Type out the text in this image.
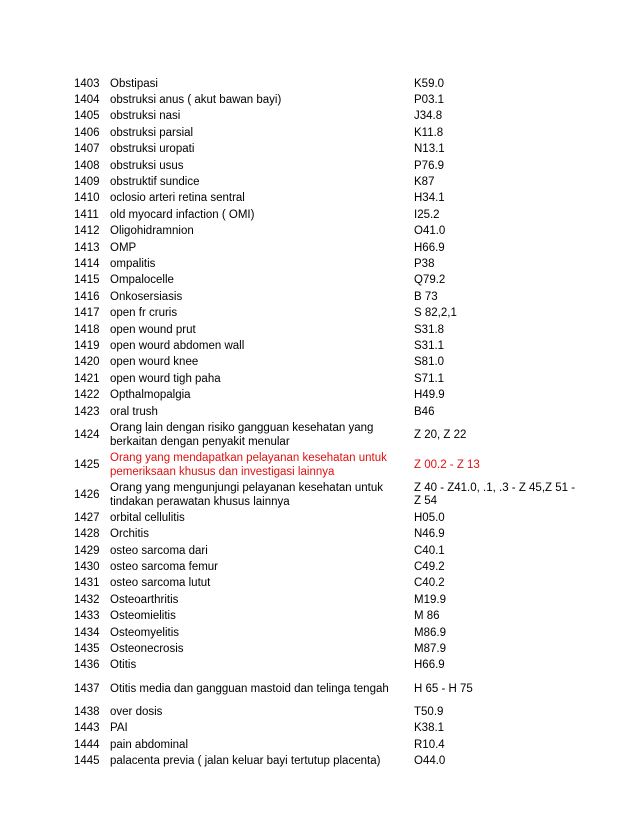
1403	Obstipasi	K59.0
1404	obstruksi anus ( akut bawan bayi)	P03.1
1405	obstruksi nasi	J34.8
1406	obstruksi parsial	K11.8
1407	obstruksi uropati	N13.1
1408	obstruksi usus	P76.9
1409	obstruktif sundice	K87
1410	oclosio arteri retina sentral	H34.1
1411	old myocard infaction ( OMI)	I25.2
1412	Oligohidramnion	O41.0
1413	OMP	H66.9
1414	ompalitis	P38
1415	Ompalocelle	Q79.2
1416	Onkosersiasis	B 73
1417	open fr cruris	S 82,2,1
1418	open wound prut	S31.8
1419	open wourd abdomen wall	S31.1
1420	open wourd knee	S81.0
1421	open wourd tigh paha	S71.1
1422	Opthalmopalgia	H49.9
1423	oral trush	B46
1424	Orang lain dengan risiko gangguan kesehatan yang berkaitan dengan penyakit menular	Z 20, Z 22
1425	Orang yang mendapatkan pelayanan kesehatan untuk pemeriksaan khusus dan investigasi lainnya	Z 00.2 - Z 13
1426	Orang yang mengunjungi pelayanan kesehatan untuk tindakan perawatan khusus lainnya	Z 40 - Z41.0, .1, .3 - Z 45,Z 51 - Z 54
1427	orbital cellulitis	H05.0
1428	Orchitis	N46.9
1429	osteo sarcoma dari	C40.1
1430	osteo sarcoma femur	C49.2
1431	osteo sarcoma lutut	C40.2
1432	Osteoarthritis	M19.9
1433	Osteomielitis	M 86
1434	Osteomyelitis	M86.9
1435	Osteonecrosis	M87.9
1436	Otitis	H66.9
1437	Otitis media dan gangguan mastoid dan telinga tengah	H 65 - H 75
1438	over dosis	T50.9
1443	PAI	K38.1
1444	pain abdominal	R10.4
1445	palacenta previa ( jalan keluar bayi tertutup placenta)	O44.0
